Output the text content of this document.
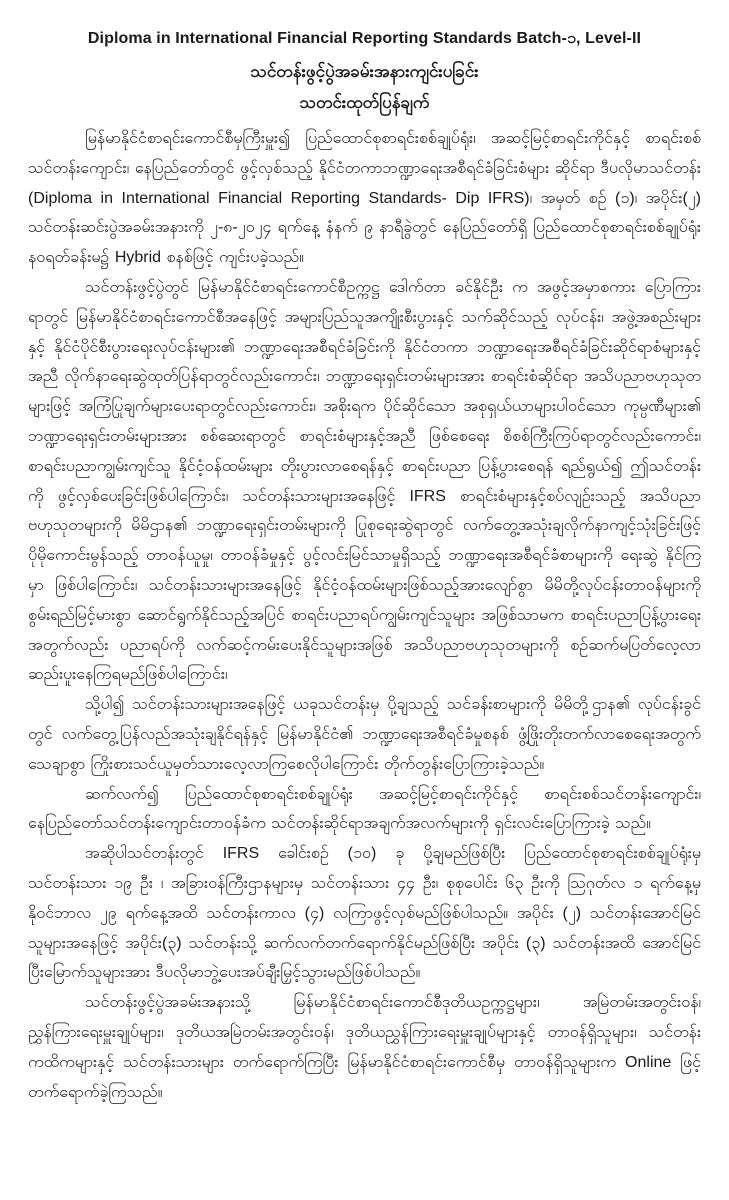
Diploma in International Financial Reporting Standards Batch-၁, Level-II
သင်တန်းဖွင့်ပွဲအခမ်းအနားကျင်းပခြင်း
သတင်းထုတ်ပြန်ချက်

မြန်မာနိုင်ငံစာရင်းကောင်စီမှကြီးမှူး၍ ပြည်ထောင်စုစာရင်းစစ်ချုပ်ရုံး၊ အဆင့်မြင့်စာရင်းကိုင်နှင့် စာရင်းစစ်သင်တန်းကျောင်း၊ နေပြည်တော်တွင် ဖွင့်လှစ်သည့် နိုင်ငံတကာဘဏ္ဍာရေးအစီရင်ခံခြင်းစံများ ဆိုင်ရာ ဒီပလိုမာသင်တန်း (Diploma in International Financial Reporting Standards- Dip IFRS)၊ အမှတ် စဉ် (၁)၊ အပိုင်း(၂) သင်တန်းဆင်းပွဲအခမ်းအနားကို ၂-၈-၂၀၂၄ ရက်နေ့ နံနက် ၉ နာရီခွဲတွင် နေပြည်တော်ရှိ ပြည်ထောင်စုစာရင်းစစ်ချုပ်ရုံး နဝရတ်ခန်းမ၌ Hybrid စနစ်ဖြင့် ကျင်းပခဲ့သည်။

သင်တန်းဖွင့်ပွဲတွင် မြန်မာနိုင်ငံစာရင်းကောင်စီဥက္ကဋ္ဌ ဒေါက်တာ ခင်နိုင်ဦး က အဖွင့်အမှာစကား ပြောကြားရာတွင် မြန်မာနိုင်ငံစာရင်းကောင်စီအနေဖြင့် အများပြည်သူအကျိုးစီးပွားနှင့် သက်ဆိုင်သည့် လုပ်ငန်း၊ အဖွဲ့အစည်းများနှင့် နိုင်ငံပိုင်စီးပွားရေးလုပ်ငန်းများ၏ ဘဏ္ဍာရေးအစီရင်ခံခြင်းကို နိုင်ငံတကာ ဘဏ္ဍာရေးအစီရင်ခံခြင်းဆိုင်ရာစံများနှင့်အညီ လိုက်နာရေးဆွဲထုတ်ပြန်ရာတွင်လည်းကောင်း၊ ဘဏ္ဍာရေးရှင်းတမ်းများအား စာရင်းစံဆိုင်ရာ အသိပညာဗဟုသုတများဖြင့် အကြံပြုချက်များပေးရာတွင်လည်းကောင်း၊ အစိုးရက ပိုင်ဆိုင်သော အစုရှယ်ယာများပါဝင်သော ကုမ္ပဏီများ၏ ဘဏ္ဍာရေးရှင်းတမ်းများအား စစ်ဆေးရာတွင် စာရင်းစံများနှင့်အညီ ဖြစ်စေရေး စိစစ်ကြီးကြပ်ရာတွင်လည်းကောင်း၊ စာရင်းပညာကျွမ်းကျင်သူ နိုင်ငံ့ဝန်ထမ်းများ တိုးပွားလာစေရန်နှင့် စာရင်းပညာ ပြန့်ပွားစေရန် ရည်ရွယ်၍ ဤသင်တန်းကို ဖွင့်လှစ်ပေးခြင်းဖြစ်ပါကြောင်း၊ သင်တန်းသားများအနေဖြင့် IFRS စာရင်းစံများနှင့်စပ်လျဉ်းသည့် အသိပညာဗဟုသုတများကို မိမိဌာန၏ ဘဏ္ဍာရေးရှင်းတမ်းများကို ပြုစုရေးဆွဲရာတွင် လက်တွေ့အသုံးချလိုက်နာကျင့်သုံးခြင်းဖြင့် ပိုမိုကောင်းမွန်သည့် တာဝန်ယူမှု၊ တာဝန်ခံမှုနှင့် ပွင့်လင်းမြင်သာမှုရှိသည့် ဘဏ္ဍာရေးအစီရင်ခံစာများကို ရေးဆွဲ နိုင်ကြမှာ ဖြစ်ပါကြောင်း၊ သင်တန်းသားများအနေဖြင့် နိုင်ငံ့ဝန်ထမ်းများဖြစ်သည့်အားလျော်စွာ မိမိတို့လုပ်ငန်းတာဝန်များကို စွမ်းရည်မြင့်မားစွာ ဆောင်ရွက်နိုင်သည့်အပြင် စာရင်းပညာရပ်ကျွမ်းကျင်သူများ အဖြစ်သာမက စာရင်းပညာပြန့်ပွားရေးအတွက်လည်း ပညာရပ်ကို လက်ဆင့်ကမ်းပေးနိုင်သူများအဖြစ် အသိပညာဗဟုသုတများကို စဉ်ဆက်မပြတ်လေ့လာဆည်းပူးနေကြရမည်ဖြစ်ပါကြောင်း၊

သို့ပါ၍ သင်တန်းသားများအနေဖြင့် ယခုသင်တန်းမှ ပို့ချသည့် သင်ခန်းစာများကို မိမိတို့ဌာန၏ လုပ်ငန်းခွင်တွင် လက်တွေ့ပြန်လည်အသုံးချနိုင်ရန်နှင့် မြန်မာနိုင်ငံ၏ ဘဏ္ဍာရေးအစီရင်ခံမှုစနစ် ဖွံ့ဖြိုးတိုးတက်လာစေရေးအတွက် သေချာစွာ ကြိုးစားသင်ယူမှတ်သားလေ့လာကြစေလိုပါကြောင်း တိုက်တွန်းပြောကြားခဲ့သည်။

ဆက်လက်၍ ပြည်ထောင်စုစာရင်းစစ်ချုပ်ရုံး အဆင့်မြင့်စာရင်းကိုင်နှင့် စာရင်းစစ်သင်တန်းကျောင်း၊ နေပြည်တော်သင်တန်းကျောင်းတာဝန်ခံက သင်တန်းဆိုင်ရာအချက်အလက်များကို ရှင်းလင်းပြောကြားခဲ့ သည်။

အဆိုပါသင်တန်းတွင် IFRS ခေါင်းစဉ် (၁၀) ခု ပို့ချမည်ဖြစ်ပြီး ပြည်ထောင်စုစာရင်းစစ်ချုပ်ရုံးမှ သင်တန်းသား ၁၉ ဦး ၊ အခြားဝန်ကြီးဌာနများမှ သင်တန်းသား ၄၄ ဦး၊ စုစုပေါင်း ၆၃ ဦးကို ဩဂုတ်လ ၁ ရက်နေ့မှ နိုဝင်ဘာလ ၂၉ ရက်နေ့အထိ သင်တန်းကာလ (၄) လကြာဖွင့်လှစ်မည်ဖြစ်ပါသည်။ အပိုင်း (၂) သင်တန်းအောင်မြင်သူများအနေဖြင့် အပိုင်း(၃) သင်တန်းသို့ ဆက်လက်တက်ရောက်နိုင်မည်ဖြစ်ပြီး အပိုင်း (၃) သင်တန်းအထိ အောင်မြင်ပြီးမြောက်သူများအား ဒီပလိုမာဘွဲ့ပေးအပ်ချီးမြှင့်သွားမည်ဖြစ်ပါသည်။

သင်တန်းဖွင့်ပွဲအခမ်းအနားသို့ မြန်မာနိုင်ငံစာရင်းကောင်စီဒုတိယဥက္ကဋ္ဌများ၊ အမြဲတမ်းအတွင်းဝန်၊ ညွှန်ကြားရေးမှူးချုပ်များ၊ ဒုတိယအမြဲတမ်းအတွင်းဝန်၊ ဒုတိယညွှန်ကြားရေးမှူးချုပ်များနှင့် တာဝန်ရှိသူများ၊ သင်တန်းကထိကများနှင့် သင်တန်းသားများ တက်ရောက်ကြပြီး မြန်မာနိုင်ငံစာရင်းကောင်စီမှ တာဝန်ရှိသူများက Online ဖြင့် တက်ရောက်ခဲ့ကြသည်။
